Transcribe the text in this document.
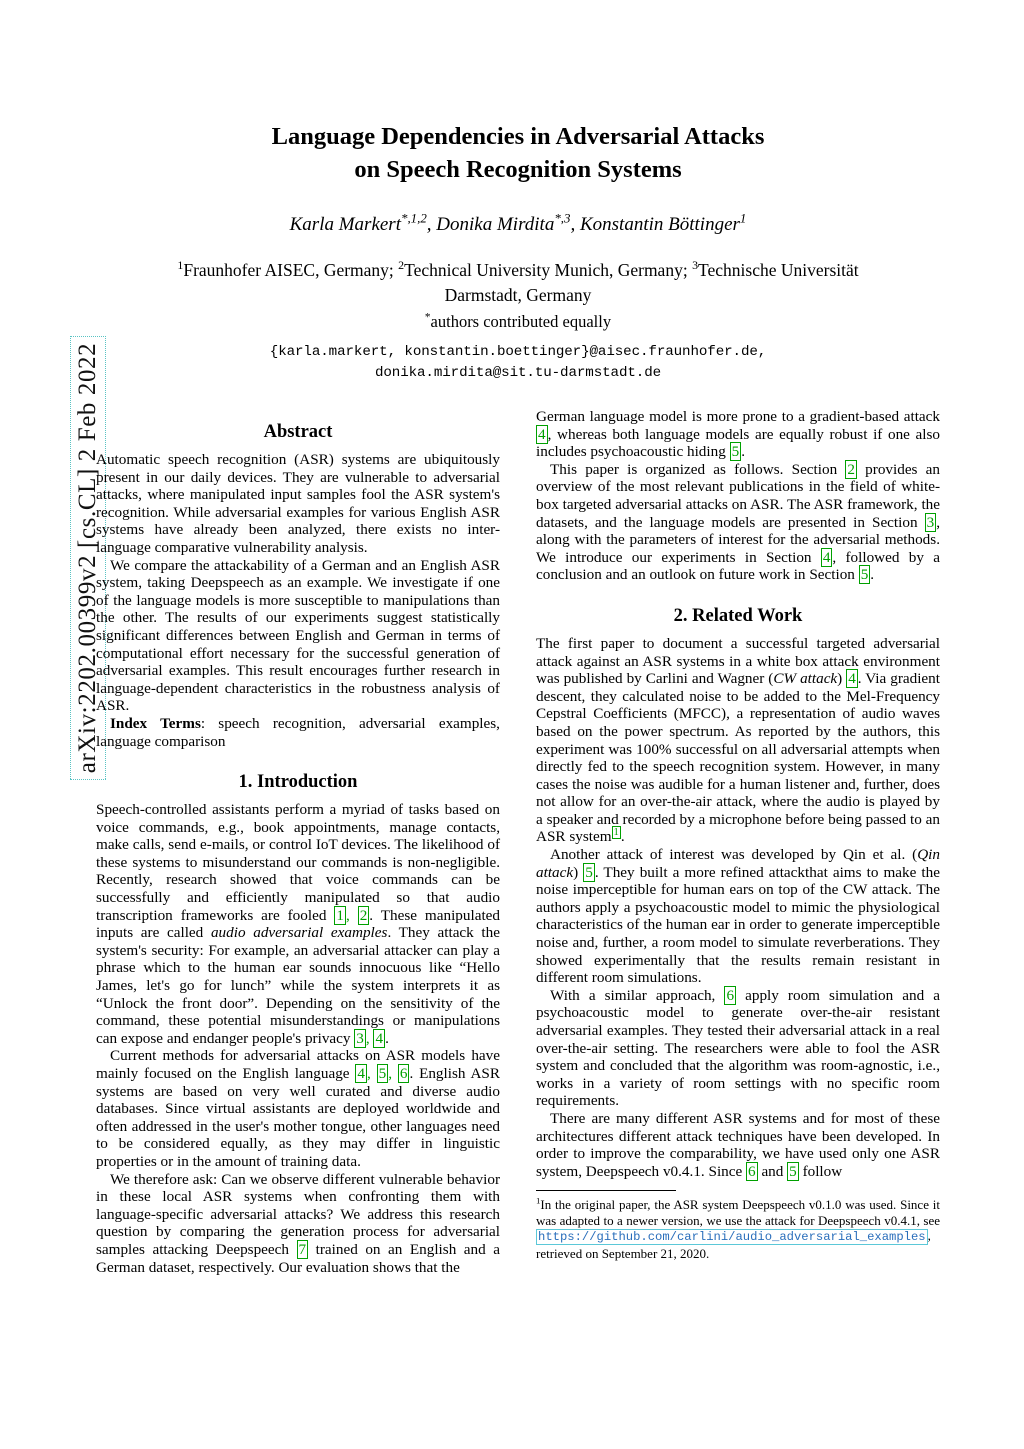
arXiv:2202.00399v2 [cs.CL] 2 Feb 2022
Language Dependencies in Adversarial Attacks
on Speech Recognition Systems
Karla Markert$^{*,1,2}$, Donika Mirdita$^{*,3}$, Konstantin Böttinger$^1$
$^1$Fraunhofer AISEC, Germany; $^2$Technical University Munich, Germany; $^3$Technische Universität
Darmstadt, Germany
*authors contributed equally
{karla.markert, konstantin.boettinger}@aisec.fraunhofer.de,
donika.mirdita@sit.tu-darmstadt.de
Abstract

Automatic speech recognition (ASR) systems are ubiquitously present in our daily devices. They are vulnerable to adversarial attacks, where manipulated input samples fool the ASR system's recognition. While adversarial examples for various English ASR systems have already been analyzed, there exists no inter-language comparative vulnerability analysis.

We compare the attackability of a German and an English ASR system, taking Deepspeech as an example. We investigate if one of the language models is more susceptible to manipulations than the other. The results of our experiments suggest statistically significant differences between English and German in terms of computational effort necessary for the successful generation of adversarial examples. This result encourages further research in language-dependent characteristics in the robustness analysis of ASR.

Index Terms: speech recognition, adversarial examples, language comparison

1. Introduction

Speech-controlled assistants perform a myriad of tasks based on voice commands, e.g., book appointments, manage contacts, make calls, send e-mails, or control IoT devices. The likelihood of these systems to misunderstand our commands is non-negligible. Recently, research showed that voice commands can be successfully and efficiently manipulated so that audio transcription frameworks are fooled 1 , 2 . These manipulated inputs are called audio adversarial examples. They attack the system's security: For example, an adversarial attacker can play a phrase which to the human ear sounds innocuous like “Hello James, let's go for lunch” while the system interprets it as “Unlock the front door”. Depending on the sensitivity of the command, these potential misunderstandings or manipulations can expose and endanger people's privacy 3 , 4 .

Current methods for adversarial attacks on ASR models have mainly focused on the English language 4 , 5 , 6 . English ASR systems are based on very well curated and diverse audio databases. Since virtual assistants are deployed worldwide and often addressed in the user's mother tongue, other languages need to be considered equally, as they may differ in linguistic properties or in the amount of training data.

We therefore ask: Can we observe different vulnerable behavior in these local ASR systems when confronting them with language-specific adversarial attacks? We address this research question by comparing the generation process for adversarial samples attacking Deepspeech 7 trained on an English and a German dataset, respectively. Our evaluation shows that the

German language model is more prone to a gradient-based attack 4 , whereas both language models are equally robust if one also includes psychoacoustic hiding 5 .

This paper is organized as follows. Section 2 provides an overview of the most relevant publications in the field of white-box targeted adversarial attacks on ASR. The ASR framework, the datasets, and the language models are presented in Section 3 , along with the parameters of interest for the adversarial methods. We introduce our experiments in Section 4 , followed by a conclusion and an outlook on future work in Section 5 .

2. Related Work

The first paper to document a successful targeted adversarial attack against an ASR systems in a white box attack environment was published by Carlini and Wagner (CW attack) 4 . Via gradient descent, they calculated noise to be added to the Mel-Frequency Cepstral Coefficients (MFCC), a representation of audio waves based on the power spectrum. As reported by the authors, this experiment was 100% successful on all adversarial attempts when directly fed to the speech recognition system. However, in many cases the noise was audible for a human listener and, further, does not allow for an over-the-air attack, where the audio is played by a speaker and recorded by a microphone before being passed to an ASR system $^1$ .

Another attack of interest was developed by Qin et al. (Qin attack) 5 . They built a more refined attackthat aims to make the noise imperceptible for human ears on top of the CW attack. The authors apply a psychoacoustic model to mimic the physiological characteristics of the human ear in order to generate imperceptible noise and, further, a room model to simulate reverberations. They showed experimentally that the results remain resistant in different room simulations.

With a similar approach, 6 apply room simulation and a psychoacoustic model to generate over-the-air resistant adversarial examples. They tested their adversarial attack in a real over-the-air setting. The researchers were able to fool the ASR system and concluded that the algorithm was room-agnostic, i.e., works in a variety of room settings with no specific room requirements.

There are many different ASR systems and for most of these architectures different attack techniques have been developed. In order to improve the comparability, we have used only one ASR system, Deepspeech v0.4.1. Since 6 and 5 follow

$^1$In the original paper, the ASR system Deepspeech v0.1.0 was used. Since it was adapted to a newer version, we use the attack for Deepspeech v0.4.1, see https://github.com/carlini/audio_adversarial_examples , retrieved on September 21, 2020.
